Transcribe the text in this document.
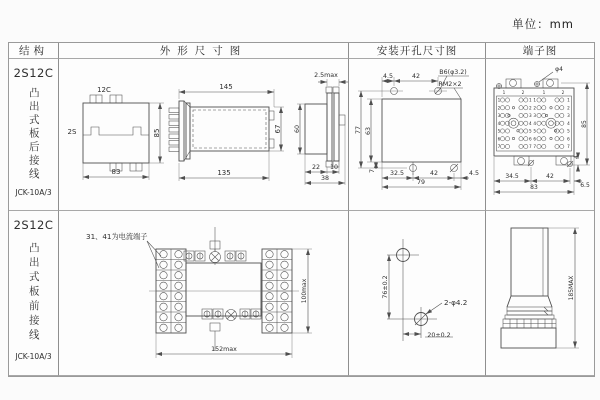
单位：mm
结构	外形尺寸图	安装开孔尺寸图	端子图
2S12C
凸出式板后接线
JCK-10A/3
12C
2S	85
83
145
135
67
2.5max
60
22 10
38
4.5	42
B6(φ3.2)
RM2×2
77 63
7 32.5	42	4.5
79
φ4
1	1 1	1
2	2 2	2
3	3 3	3
4	4 4	4
5	5 5	5
6	6 6	6
7	7 7	7
1	2	1	2
85
4
34.5	42
6.5
83
2S12C
凸出式板前接线
JCK-10A/3
31、41为电流端子
100max
152max
2-φ4.2
76±0.2
20±0.2
185MAX
